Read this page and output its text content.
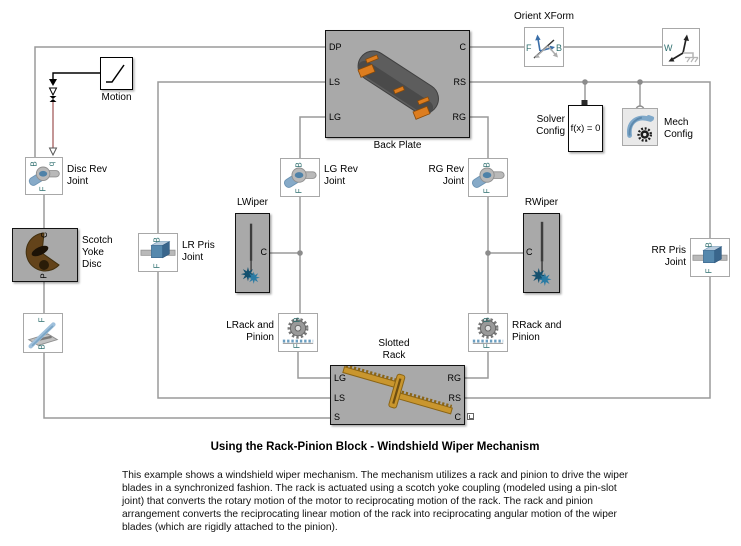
Orient XForm
F	B	W
DP
LS
LG
C
RS
RG
Back Plate
Motion
B q
F
Disc Rev Joint
C
P
Scotch Yoke Disc
F
B
B
F
LR Pris Joint
LWiper
C
B
F
LG Rev Joint
B
F
LRack and Pinion
B
F
RG Rev Joint
RWiper
C
B
F
RRack and Pinion
B
F
RR Pris Joint
Solver Config f(x) = 0
Mech Config
Slotted Rack
LG
LS
S
RG
RS
C
Using the Rack-Pinion Block - Windshield Wiper Mechanism
This example shows a windshield wiper mechanism. The mechanism utilizes a rack and pinion to drive the wiper blades in a synchronized fashion. The rack is actuated using a scotch yoke coupling (modeled using a pin-slot joint) that converts the rotary motion of the motor to reciprocating motion of the rack. The rack and pinion arrangement converts the reciprocating linear motion of the rack into reciprocating angular motion of the wiper blades (which are rigidly attached to the pinion).
